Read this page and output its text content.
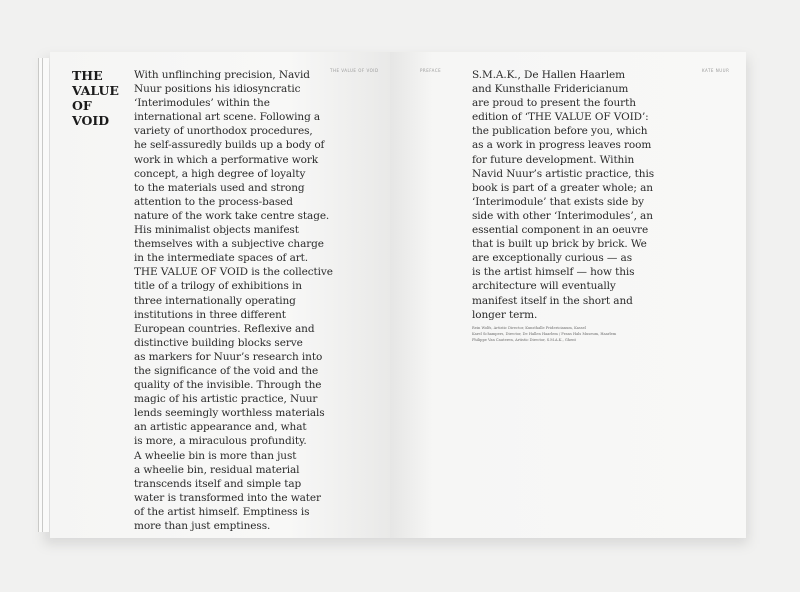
THE
VALUE
OF
VOID
THE VALUE OF VOID
With unflinching precision, Navid
Nuur positions his idiosyncratic
‘Interimodules’ within the
international art scene. Following a
variety of unorthodox procedures,
he self-assuredly builds up a body of
work in which a performative work
concept, a high degree of loyalty
to the materials used and strong
attention to the process-based
nature of the work take centre stage.
His minimalist objects manifest
themselves with a subjective charge
in the intermediate spaces of art.
THE VALUE OF VOID is the collective
title of a trilogy of exhibitions in
three internationally operating
institutions in three different
European countries. Reflexive and
distinctive building blocks serve
as markers for Nuur’s research into
the significance of the void and the
quality of the invisible. Through the
magic of his artistic practice, Nuur
lends seemingly worthless materials
an artistic appearance and, what
is more, a miraculous profundity.
A wheelie bin is more than just
a wheelie bin, residual material
transcends itself and simple tap
water is transformed into the water
of the artist himself. Emptiness is
more than just emptiness.
PREFACE	KATE NUUR
S.M.A.K., De Hallen Haarlem
and Kunsthalle Fridericianum
are proud to present the fourth
edition of ‘THE VALUE OF VOID’:
the publication before you, which
as a work in progress leaves room
for future development. Within
Navid Nuur’s artistic practice, this
book is part of a greater whole; an
‘Interimodule’ that exists side by
side with other ‘Interimodules’, an
essential component in an oeuvre
that is built up brick by brick. We
are exceptionally curious — as
is the artist himself — how this
architecture will eventually
manifest itself in the short and
longer term.
Rein Wolfs, Artistic Director, Kunsthalle Fridericianum, Kassel
Karel Schampers, Director, De Hallen Haarlem / Frans Hals Museum, Haarlem
Philippe Van Cauteren, Artistic Director, S.M.A.K., Ghent
